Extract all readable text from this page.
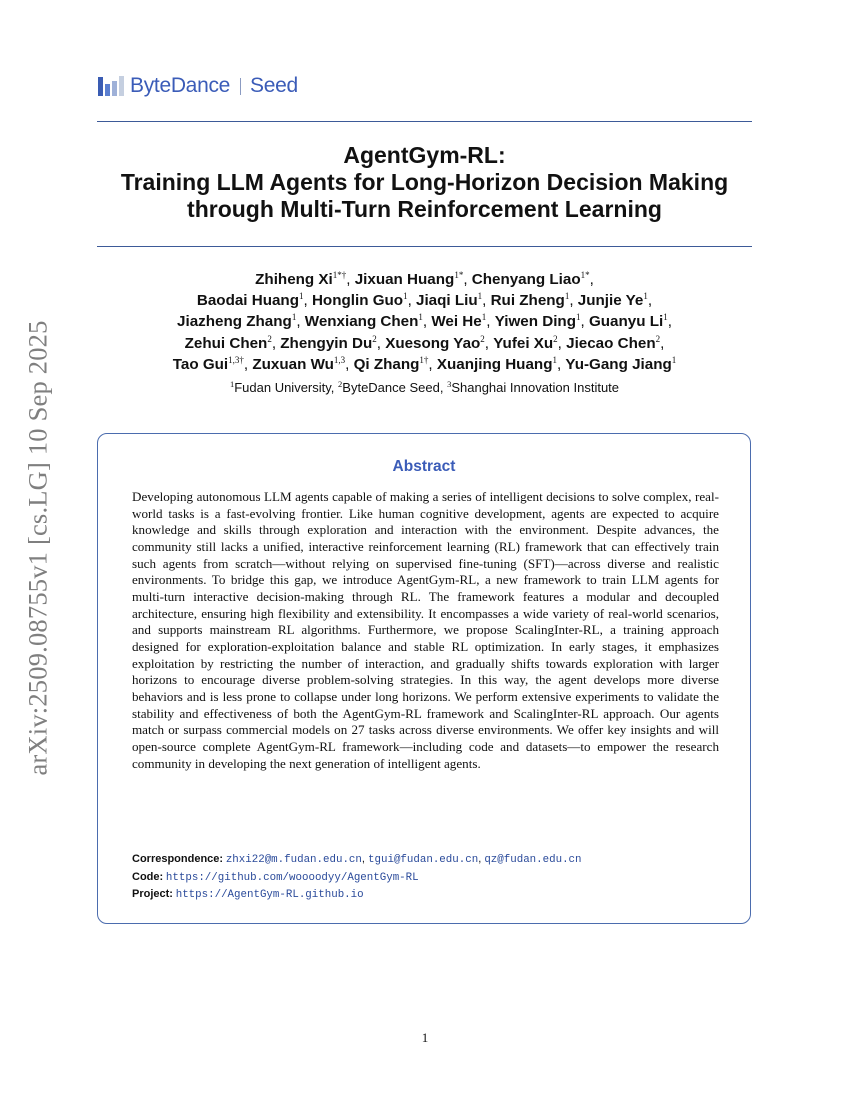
arXiv:2509.08755v1 [cs.LG] 10 Sep 2025
ByteDance Seed
AgentGym-RL:
Training LLM Agents for Long-Horizon Decision Making
through Multi-Turn Reinforcement Learning
Zhiheng $Xi^{1*\dagger}$, Jixuan Huang$^{1*}$, Chenyang Liao$^{1*}$,
Baodai Huang$^1$, Honglin Guo$^1$, Jiaqi Liu$^1$, Rui Zheng$^1$, Junjie Ye$^1$,
Jiazheng Zhang$^1$, Wenxiang Chen$^1$, Wei He$^1$, Yiwen Ding$^1$, Guanyu Li$^1$,
Zehui Chen$^2$, Zhengyin Du$^2$, Xuesong Yao$^2$, Yufei Xu$^2$, Jiecao Chen$^2$,
Tao Gui$^{1,3\dagger}$, Zuxuan Wu$^{1,3}$, Qi Zhang$^{1\dagger}$, Xuanjing Huang$^1$, Yu-Gang Jiang$^1$
$^1$Fudan University, $^2$ByteDance Seed, $^3$Shanghai Innovation Institute
Abstract
Developing autonomous LLM agents capable of making a series of intelligent decisions to solve complex, real-world tasks is a fast-evolving frontier. Like human cognitive development, agents are expected to acquire knowledge and skills through exploration and interaction with the environment. Despite advances, the community still lacks a unified, interactive reinforcement learning (RL) framework that can effectively train such agents from scratch—without relying on supervised fine-tuning (SFT)—across diverse and realistic environments. To bridge this gap, we introduce AgentGym-RL, a new framework to train LLM agents for multi-turn interactive decision-making through RL. The framework features a modular and decoupled architecture, ensuring high flexibility and extensibility. It encompasses a wide variety of real-world scenarios, and supports mainstream RL algorithms. Furthermore, we propose ScalingInter-RL, a training approach designed for exploration-exploitation balance and stable RL optimization. In early stages, it emphasizes exploitation by restricting the number of interaction, and gradually shifts towards exploration with larger horizons to encourage diverse problem-solving strategies. In this way, the agent develops more diverse behaviors and is less prone to collapse under long horizons. We perform extensive experiments to validate the stability and effectiveness of both the AgentGym-RL framework and ScalingInter-RL approach. Our agents match or surpass commercial models on 27 tasks across diverse environments. We offer key insights and will open-source complete AgentGym-RL framework—including code and datasets—to empower the research community in developing the next generation of intelligent agents.
Correspondence: zhxi22@m.fudan.edu.cn, tgui@fudan.edu.cn, qz@fudan.edu.cn
Code: https://github.com/woooodyy/AgentGym-RL
Project: https://AgentGym-RL.github.io
1
